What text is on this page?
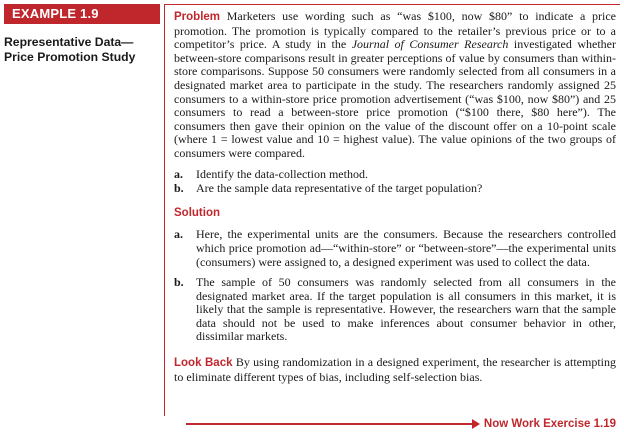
EXAMPLE 1.9
Representative Data—Price Promotion Study

Problem Marketers use wording such as “was $100, now $80” to indicate a price promotion. The promotion is typically compared to the retailer’s previous price or to a competitor’s price. A study in the Journal of Consumer Research investigated whether between-store comparisons result in greater perceptions of value by consumers than within-store comparisons. Suppose 50 consumers were randomly selected from all consumers in a designated market area to participate in the study. The researchers randomly assigned 25 consumers to a within-store price promotion advertisement (“was $100, now $80”) and 25 consumers to read a between-store price promotion (“$100 there, $80 here”). The consumers then gave their opinion on the value of the discount offer on a 10-point scale (where 1 = lowest value and 10 = highest value). The value opinions of the two groups of consumers were compared.

a.	Identify the data-collection method.
b.	Are the sample data representative of the target population?
Solution
a.	Here, the experimental units are the consumers. Because the researchers controlled which price promotion ad—“within-store” or “between-store”—the experimental units (consumers) were assigned to, a designed experiment was used to collect the data.
b.	The sample of 50 consumers was randomly selected from all consumers in the designated market area. If the target population is all consumers in this market, it is likely that the sample is representative. However, the researchers warn that the sample data should not be used to make inferences about consumer behavior in other, dissimilar markets.

Look Back By using randomization in a designed experiment, the researcher is attempting to eliminate different types of bias, including self-selection bias.

Now Work Exercise 1.19
